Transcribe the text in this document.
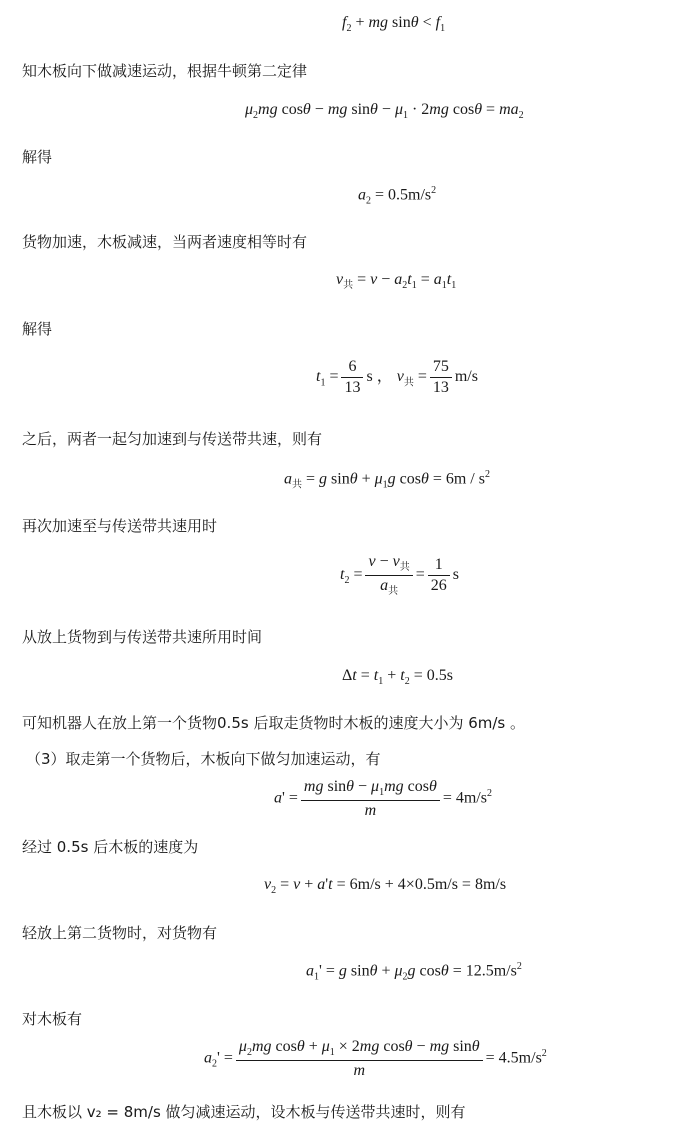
$f_2$ + mg $\sin\theta < f_1$
知木板向下做减速运动，根据牛顿第二定律
$\mu_2mg$ cosθ − mg $\sin\theta - \mu_1 \cdot 2mg$ $\cos\theta = ma_2$
解得
$a_2 = 0.5m/s^2$
货物加速，木板减速，当两者速度相等时有
$v_共 = v - a_2t_1 = a_1t_1$
解得
$t_1 = \frac{6}{13}$ s ， $v_共 = \frac{75}{13} m/s$
之后，两者一起匀加速到与传送带共速，则有
$a_共 = g$ $\sin\theta + \mu_1g$ $\cos\theta = 6m / s^2$
再次加速至与传送带共速用时
$t_2 = \frac{v - v_共}{a_共} = \frac{1}{26}$ s
从放上货物到与传送带共速所用时间
$\Delta t = t_1 + t_2 = 0.5s$
可知机器人在放上第一个货物0.5s 后取走货物时木板的速度大小为 6m/s 。
（3）取走第一个货物后，木板向下做匀加速运动，有
$a' = \frac{mg \sin\theta - \mu_1mg \cos\theta}{m} = 4m/s^2$
经过 0.5s 后木板的速度为
$v_2 = v + a't = 6m/s + 4\times 0.5m/s = 8m/s$
轻放上第二货物时，对货物有
$a_1' = g$ $\sin\theta + \mu_2g$ $\cos\theta = 12.5m/s^2$
对木板有
$a_2' = \frac{\mu_2mg \cos\theta + \mu_1 \times 2mg \cos\theta - mg \sin\theta}{m} = 4.5m/s^2$
且木板以 v₂ = 8m/s 做匀减速运动，设木板与传送带共速时，则有
